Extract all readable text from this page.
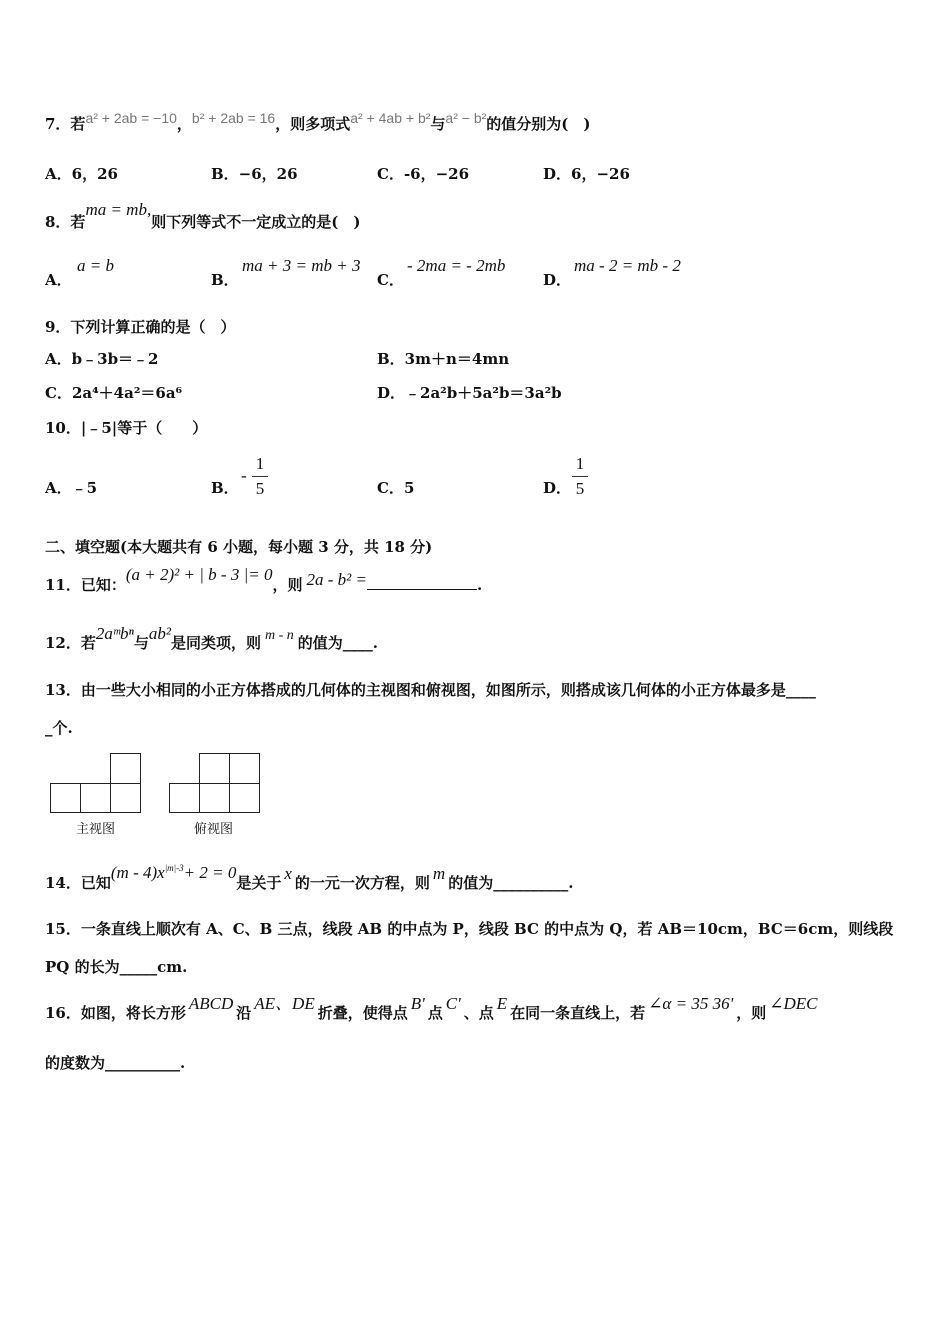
7．若a² + 2ab = −10，b² + 2ab = 16，则多项式a² + 4ab + b²与a² − b²的值分别为(　)
A．6，26	B．−6，26	C．-6，−26	D．6，−26
8．若ma = mb,则下列等式不一定成立的是(　)
A．
a = b
B．
ma + 3 = mb + 3
C．
- 2ma = - 2mb
D．
ma - 2 = mb - 2
9．下列计算正确的是（　）
A．b﹣3b＝﹣2	B．3m＋n＝4mn
C．2a⁴＋4a²＝6a⁶	D．﹣2a²b＋5a²b＝3a²b
10．|﹣5|等于（　　）
A．﹣5	B．
-
1
5	C．5	D．
1
5
二、填空题(本大题共有 6 小题，每小题 3 分，共 18 分)
11．已知：(a + 2)² + | b - 3 |= 0，则 2a - b² =	.
12．若2aᵐbⁿ与ab²是同类项，则 m - n 的值为____.
13．由一些大小相同的小正方体搭成的几何体的主视图和俯视图，如图所示，则搭成该几何体的小正方体最多是____
_个.
主视图	俯视图
14．已知$(m - 4)x^{|m|-3}+ 2 = 0$是关于 x 的一元一次方程，则 m 的值为__________.
15．一条直线上顺次有 A、C、B 三点，线段 AB 的中点为 P，线段 BC 的中点为 Q，若 AB＝10cm，BC＝6cm，则线段
PQ 的长为_____cm.
16．如图，将长方形 ABCD 沿 AE、DE 折叠，使得点 B' 点 C' 、点 E 在同一条直线上，若 ∠α = 35 36' ，则 ∠DEC
的度数为__________.
